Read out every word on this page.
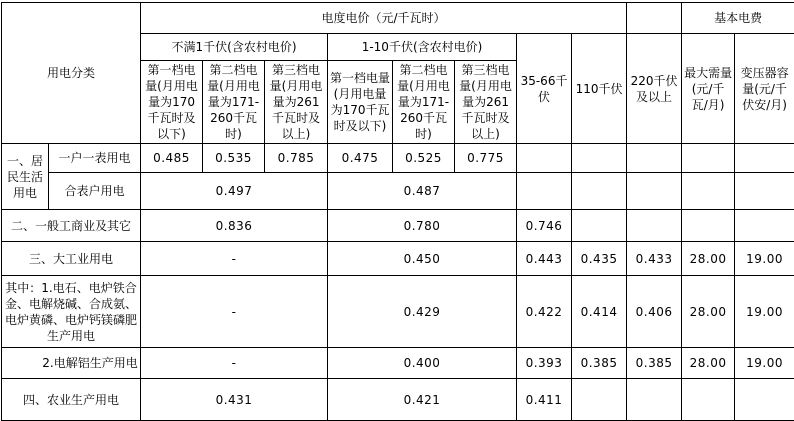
用电分类		电度电价（元/千瓦时）									基本电费	
		不满1千伏(含农村电价)			1-10千伏(含农村电价)			35-66千伏	110千伏	220千伏及以上	最大需量(元/千瓦/月)	变压器容量(元/千伏安/月)
		第一档电量(月用电量为170千瓦时及以下)	第二档电量(月用电量为171-260千瓦时)	第三档电量(月用电量为261千瓦时及以上)	第一档电量(月用电量为170千瓦时及以下)	第二档电量(月用电量为171-260千瓦时)	第三档电量(月用电量为261千瓦时及以上)					
一、居民生活用电	一户一表用电	0.485	0.535	0.785	0.475	0.525	0.775					
	合表户用电	0.497			0.487							
二、一般工商业及其它		0.836			0.780			0.746				
三、大工业用电		-			0.450			0.443	0.435	0.433	28.00	19.00
其中：1.电石、电炉铁合金、电解烧碱、合成氨、电炉黄磷、电炉钙镁磷肥生产用电		-			0.429			0.422	0.414	0.406	28.00	19.00
2.电解铝生产用电		-			0.400			0.393	0.385	0.385	28.00	19.00
四、农业生产用电		0.431			0.421			0.411				
